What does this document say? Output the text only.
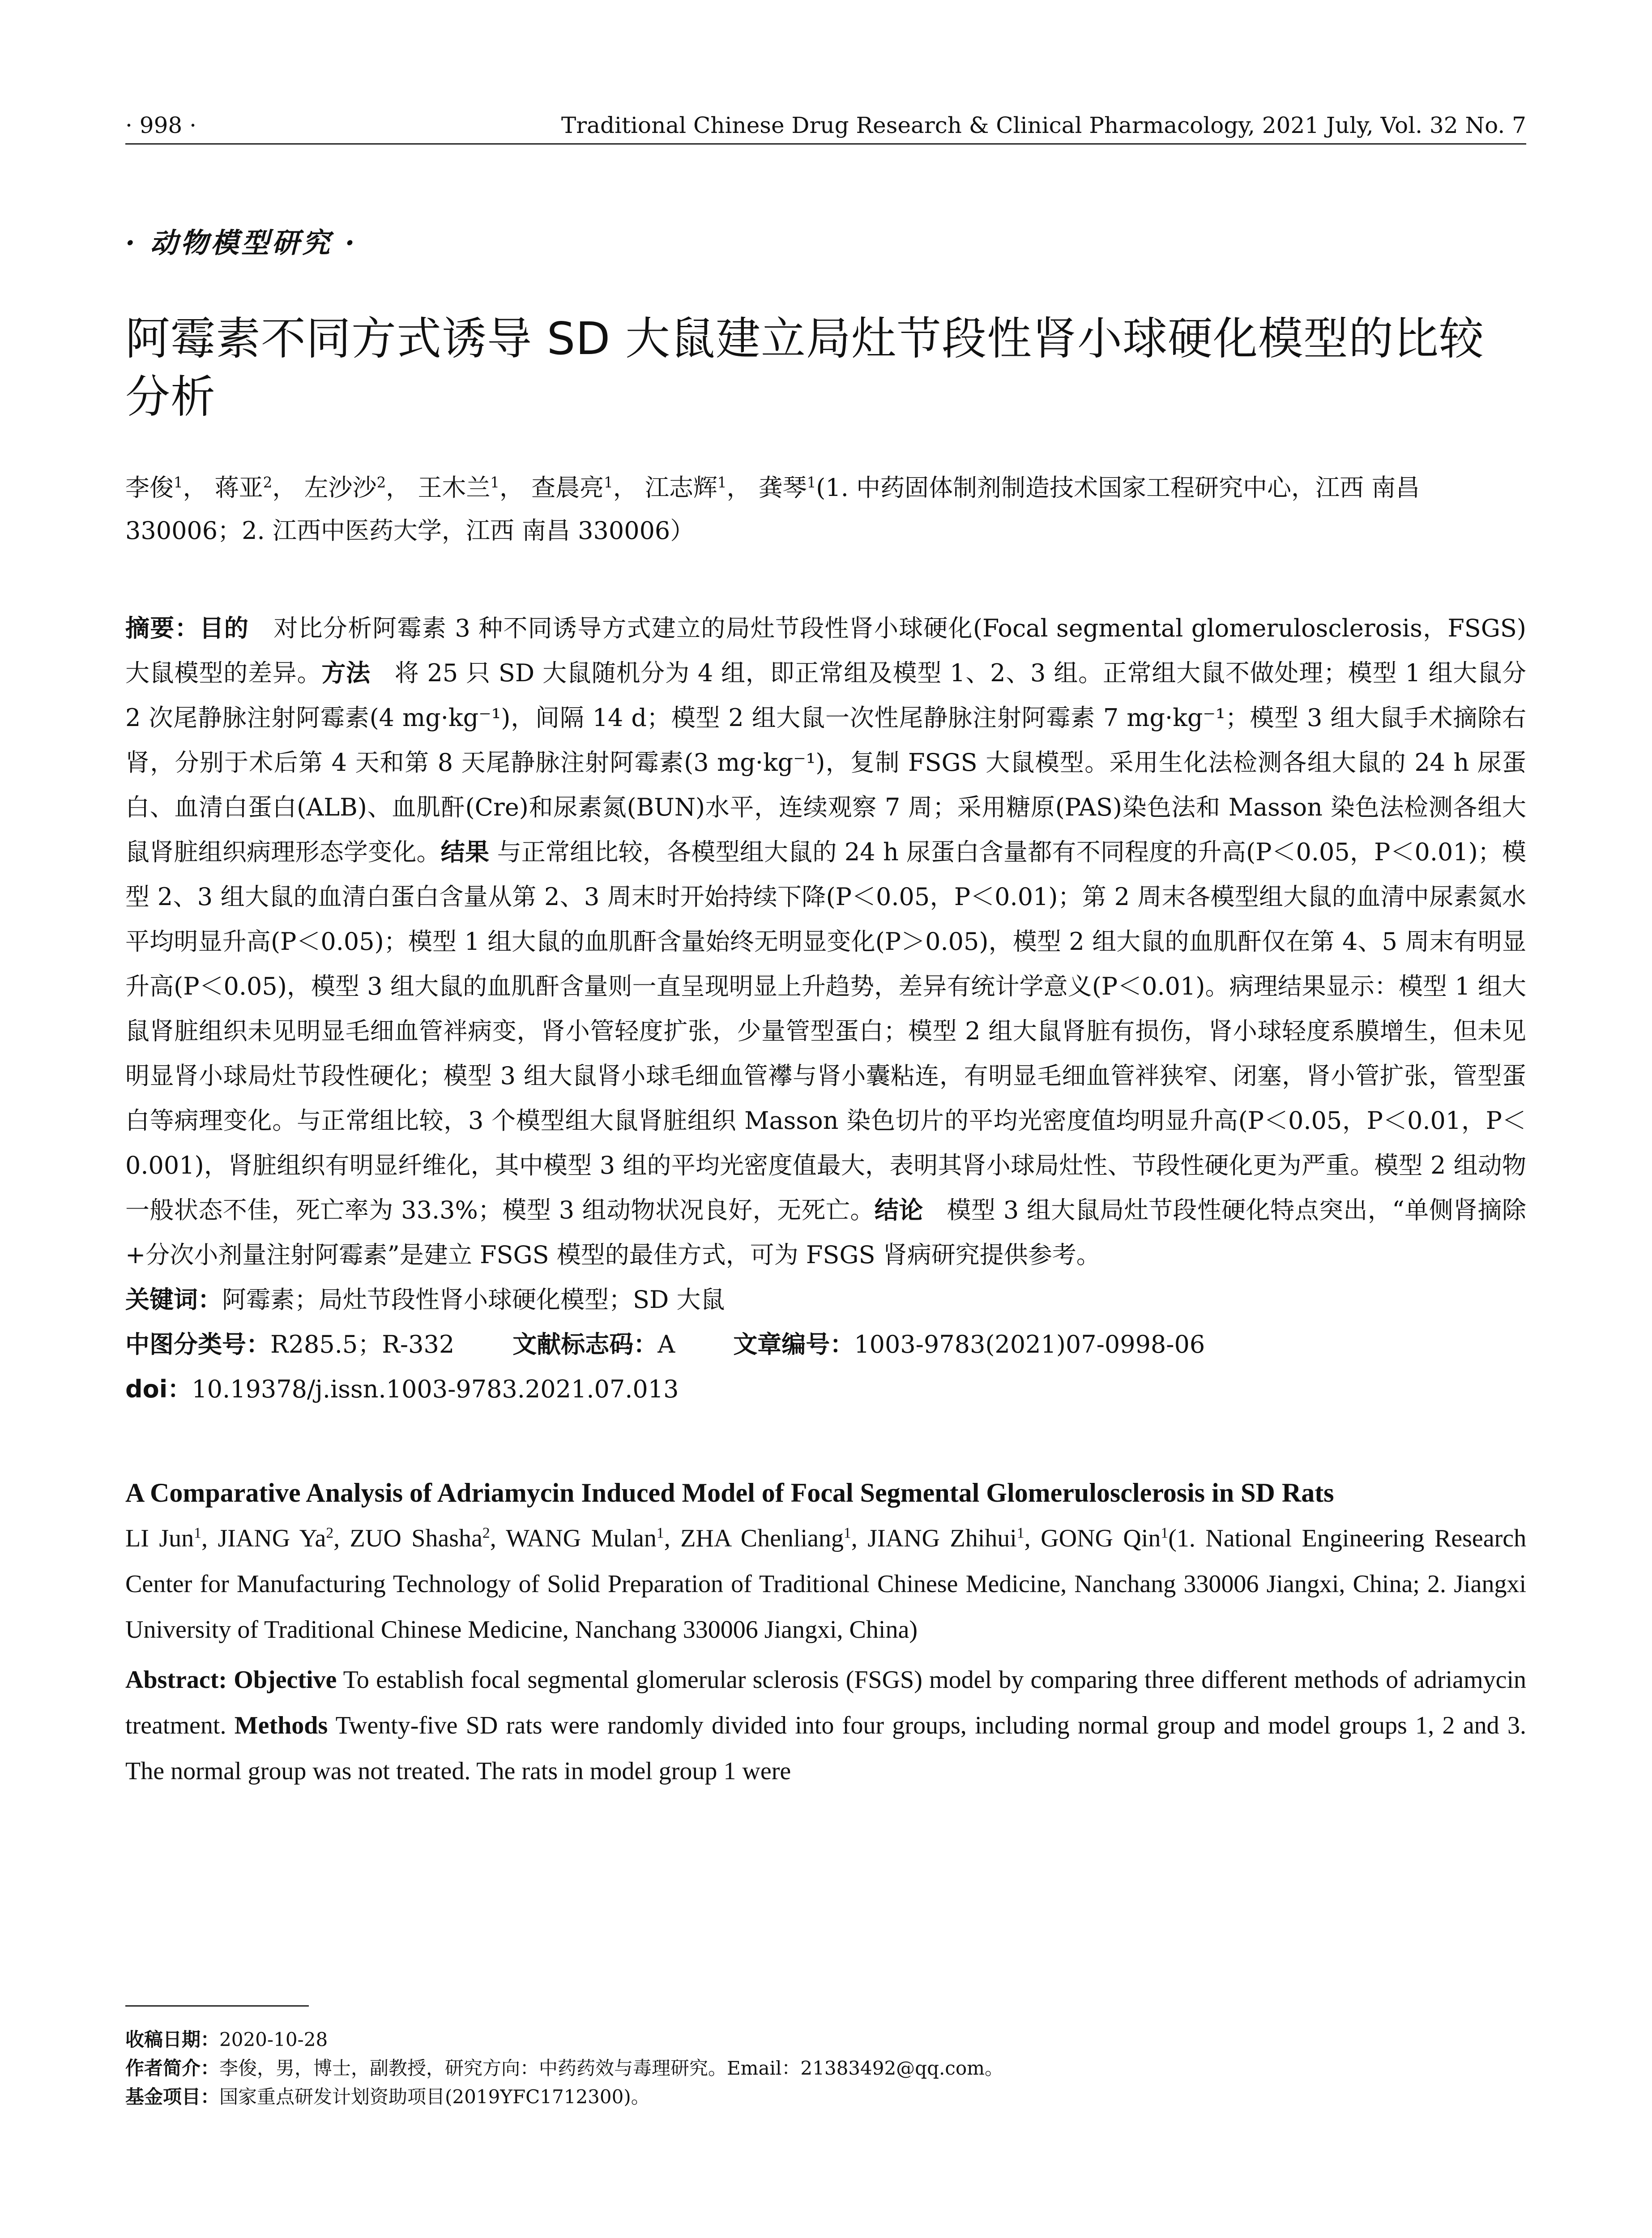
· 998 ·	Traditional Chinese Drug Research & Clinical Pharmacology, 2021 July, Vol. 32 No. 7
· 动物模型研究 ·
阿霉素不同方式诱导 SD 大鼠建立局灶节段性肾小球硬化模型的比较分析
李俊$^1$， 蒋亚$^2$， 左沙沙$^2$， 王木兰$^1$， 查晨亮$^1$， 江志辉$^1$， 龚琴$^1$(1. 中药固体制剂制造技术国家工程研究中心，江西 南昌 330006；2. 江西中医药大学，江西 南昌 330006）
摘要：目的 对比分析阿霉素 3 种不同诱导方式建立的局灶节段性肾小球硬化(Focal segmental glomerulosclerosis，FSGS)大鼠模型的差异。方法 将 25 只 SD 大鼠随机分为 4 组，即正常组及模型 1、2、3 组。正常组大鼠不做处理；模型 1 组大鼠分 2 次尾静脉注射阿霉素(4 mg·kg⁻¹)，间隔 14 d；模型 2 组大鼠一次性尾静脉注射阿霉素 7 mg·kg⁻¹；模型 3 组大鼠手术摘除右肾，分别于术后第 4 天和第 8 天尾静脉注射阿霉素(3 mg·kg⁻¹)，复制 FSGS 大鼠模型。采用生化法检测各组大鼠的 24 h 尿蛋白、血清白蛋白(ALB)、血肌酐(Cre)和尿素氮(BUN)水平，连续观察 7 周；采用糖原(PAS)染色法和 Masson 染色法检测各组大鼠肾脏组织病理形态学变化。结果 与正常组比较，各模型组大鼠的 24 h 尿蛋白含量都有不同程度的升高(P＜0.05，P＜0.01)；模型 2、3 组大鼠的血清白蛋白含量从第 2、3 周末时开始持续下降(P＜0.05，P＜0.01)；第 2 周末各模型组大鼠的血清中尿素氮水平均明显升高(P＜0.05)；模型 1 组大鼠的血肌酐含量始终无明显变化(P＞0.05)，模型 2 组大鼠的血肌酐仅在第 4、5 周末有明显升高(P＜0.05)，模型 3 组大鼠的血肌酐含量则一直呈现明显上升趋势，差异有统计学意义(P＜0.01)。病理结果显示：模型 1 组大鼠肾脏组织未见明显毛细血管袢病变，肾小管轻度扩张，少量管型蛋白；模型 2 组大鼠肾脏有损伤，肾小球轻度系膜增生，但未见明显肾小球局灶节段性硬化；模型 3 组大鼠肾小球毛细血管襻与肾小囊粘连，有明显毛细血管袢狭窄、闭塞，肾小管扩张，管型蛋白等病理变化。与正常组比较，3 个模型组大鼠肾脏组织 Masson 染色切片的平均光密度值均明显升高(P＜0.05，P＜0.01，P＜0.001)，肾脏组织有明显纤维化，其中模型 3 组的平均光密度值最大，表明其肾小球局灶性、节段性硬化更为严重。模型 2 组动物一般状态不佳，死亡率为 33.3%；模型 3 组动物状况良好，无死亡。结论 模型 3 组大鼠局灶节段性硬化特点突出，“单侧肾摘除+分次小剂量注射阿霉素”是建立 FSGS 模型的最佳方式，可为 FSGS 肾病研究提供参考。
关键词：阿霉素；局灶节段性肾小球硬化模型；SD 大鼠
中图分类号：R285.5；R-332 文献标志码：A 文章编号：1003-9783(2021)07-0998-06
doi：10.19378/j.issn.1003-9783.2021.07.013
A Comparative Analysis of Adriamycin Induced Model of Focal Segmental Glomerulosclerosis in SD Rats
LI Jun$^1$, JIANG Ya$^2$, ZUO Shasha$^2$, WANG Mulan$^1$, ZHA Chenliang$^1$, JIANG Zhihui$^1$, GONG Qin$^1$(1. National Engineering Research Center for Manufacturing Technology of Solid Preparation of Traditional Chinese Medicine, Nanchang 330006 Jiangxi, China; 2. Jiangxi University of Traditional Chinese Medicine, Nanchang 330006 Jiangxi, China)
Abstract: Objective To establish focal segmental glomerular sclerosis (FSGS) model by comparing three different methods of adriamycin treatment. Methods Twenty-five SD rats were randomly divided into four groups, including normal group and model groups 1, 2 and 3. The normal group was not treated. The rats in model group 1 were
收稿日期：2020-10-28
作者简介：李俊，男，博士，副教授，研究方向：中药药效与毒理研究。Email：21383492@qq.com。
基金项目：国家重点研发计划资助项目(2019YFC1712300)。
